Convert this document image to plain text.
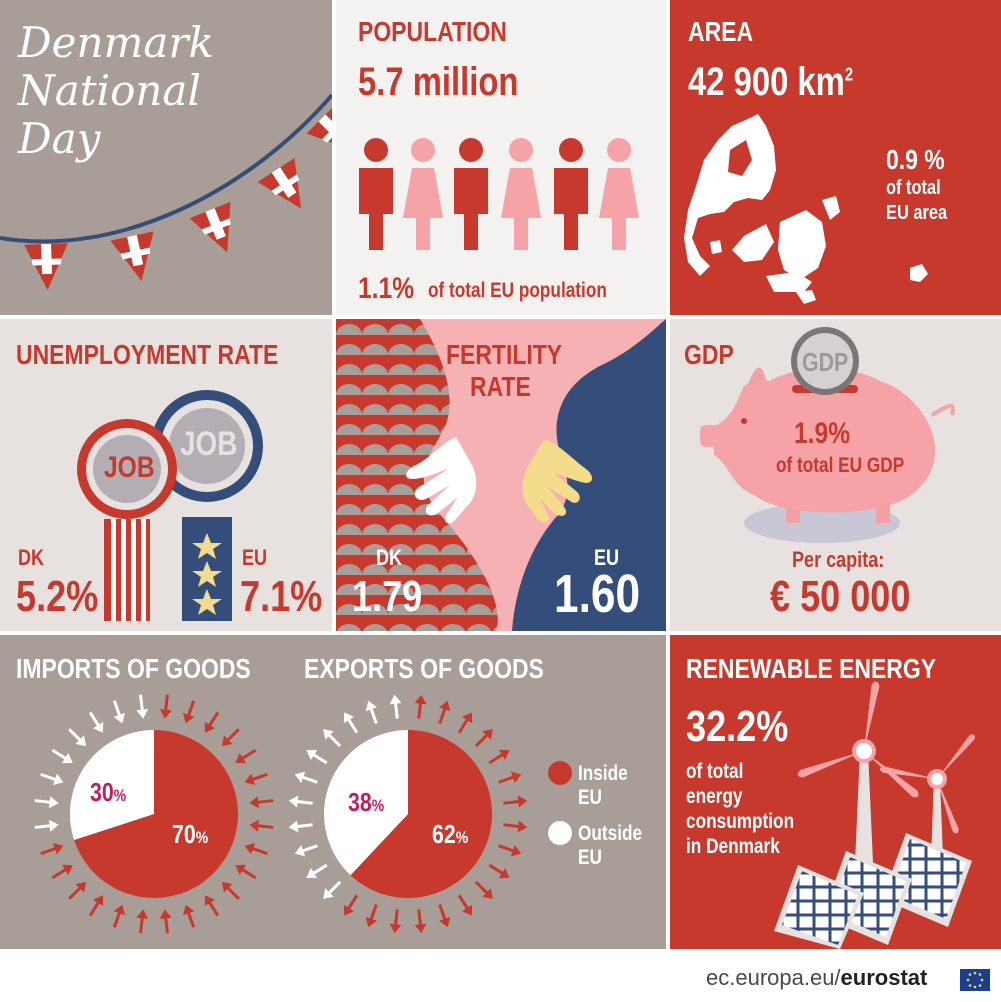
Denmark

National

Day

POPULATION

5.7 million

1.1% of total EU population

AREA

42 900 $km^2$

0.9 %

of total

EU area

UNEMPLOYMENT RATE

JOB

JOB

DK

5.2%

EU

7.1%

FERTILITY

RATE

DK

1.79

EU

1.60

GDP	GDP

1.9%

of total EU GDP

Per capita:

€ 50 000

IMPORTS OF GOODS EXPORTS OF GOODS

30%

70%

38%

62%

Inside

EU

Outside

EU

RENEWABLE ENERGY

32.2%

of total

energy

consumption

in Denmark

ec.europa.eu/eurostat
